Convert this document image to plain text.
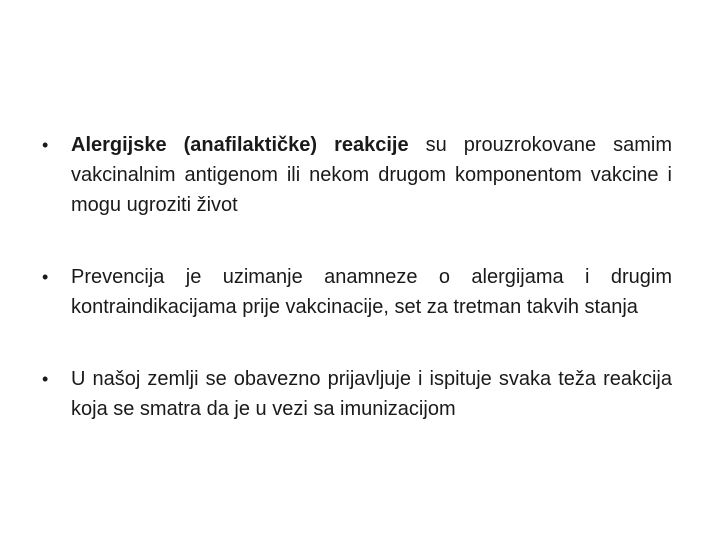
•	Alergijske (anafilaktičke) reakcije su prouzrokovane samim vakcinalnim antigenom ili nekom drugom komponentom vakcine i mogu ugroziti život
•	Prevencija je uzimanje anamneze o alergijama i drugim kontraindikacijama prije vakcinacije, set za tretman takvih stanja
•	U našoj zemlji se obavezno prijavljuje i ispituje svaka teža reakcija koja se smatra da je u vezi sa imunizacijom
